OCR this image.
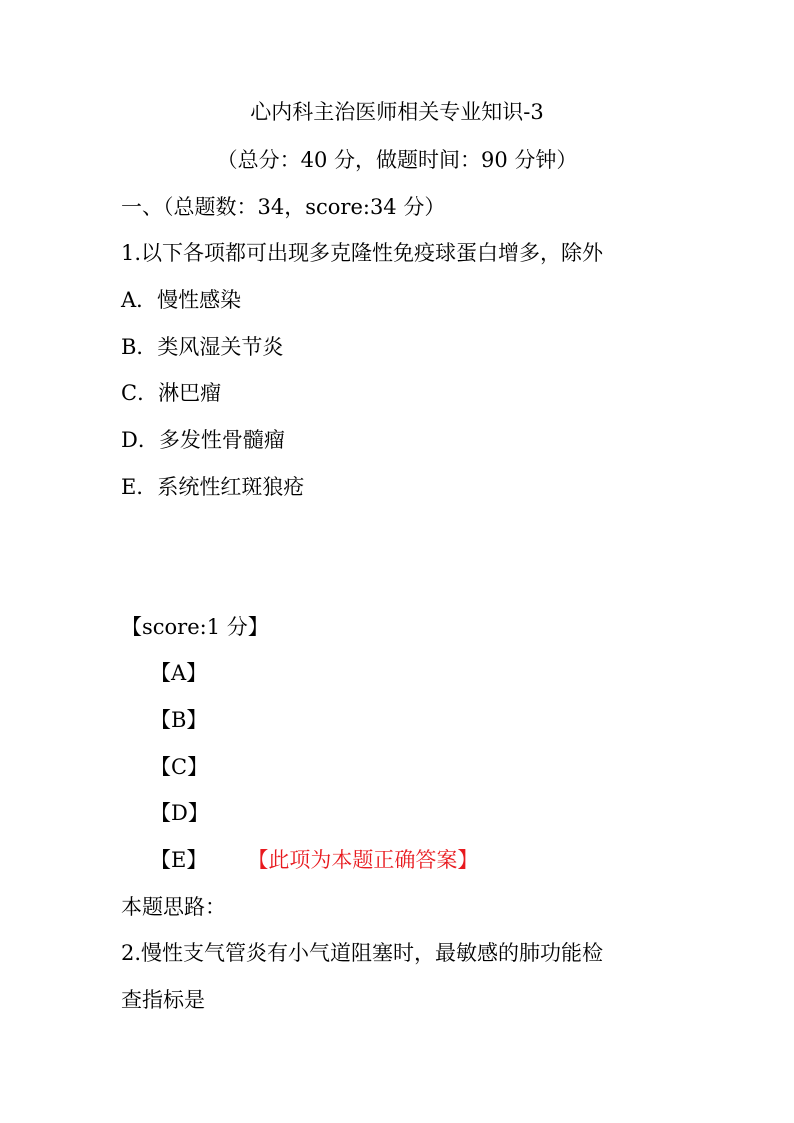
心内科主治医师相关专业知识-3
（总分：40 分，做题时间：90 分钟）
一、（总题数：34，score:34 分）
1.以下各项都可出现多克隆性免疫球蛋白增多，除外
A．慢性感染
B．类风湿关节炎
C．淋巴瘤
D．多发性骨髓瘤
E．系统性红斑狼疮
【score:1 分】
【A】
【B】
【C】
【D】
【E】 【此项为本题正确答案】
本题思路：
2.慢性支气管炎有小气道阻塞时，最敏感的肺功能检
查指标是
